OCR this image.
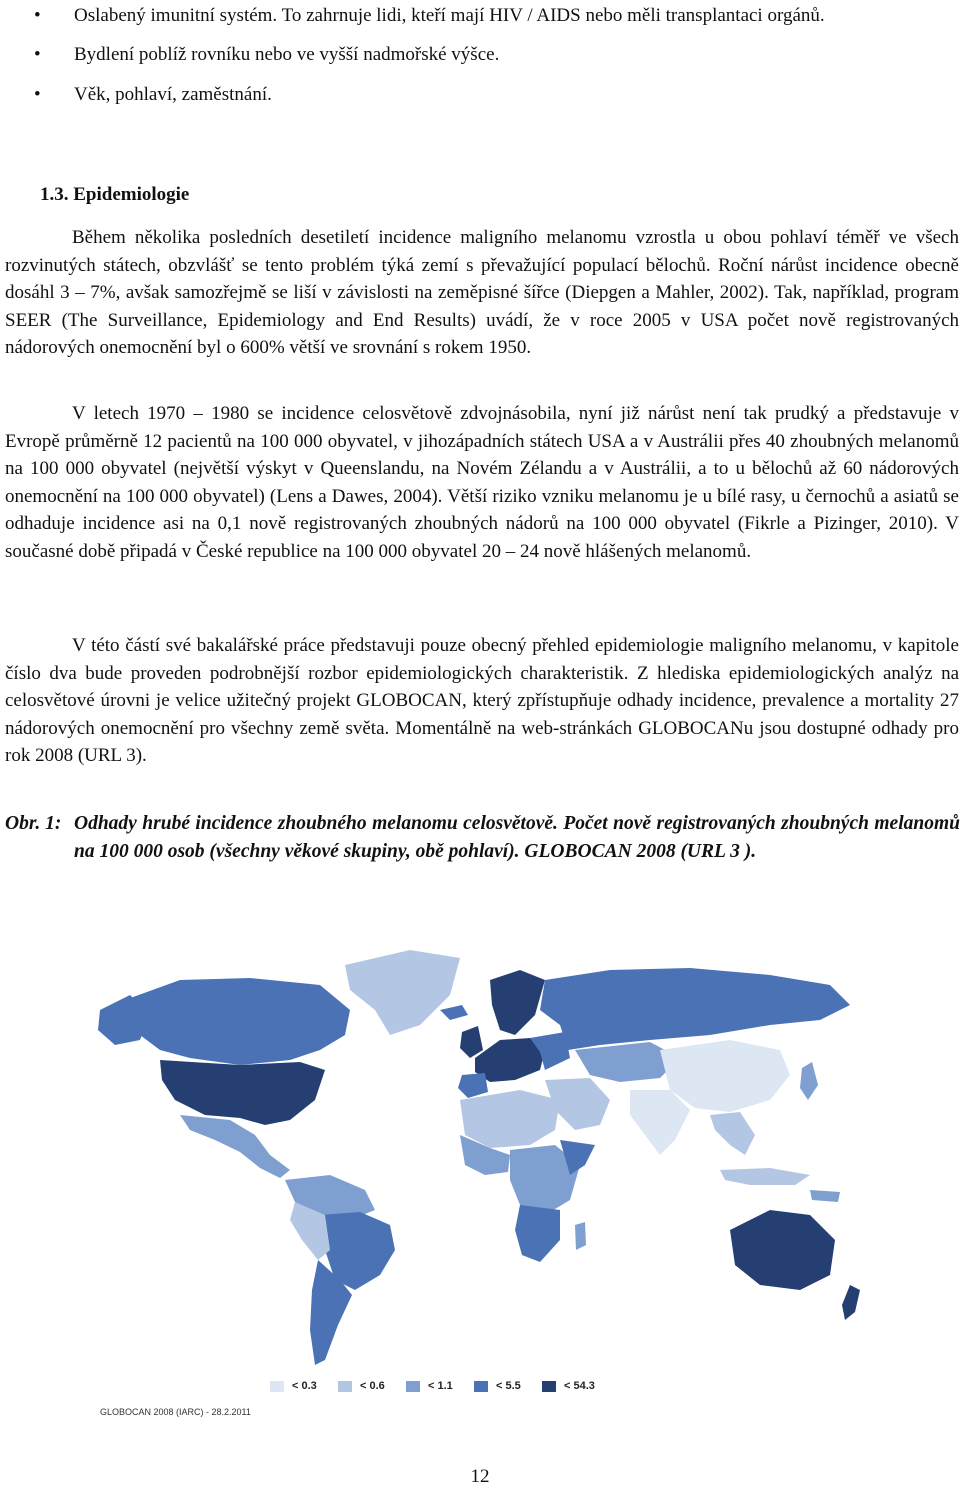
• Oslabený imunitní systém. To zahrnuje lidi, kteří mají HIV / AIDS nebo měli transplantaci orgánů.
• Bydlení poblíž rovníku nebo ve vyšší nadmořské výšce.
• Věk, pohlaví, zaměstnání.
1.3. Epidemiologie

Během několika posledních desetiletí incidence maligního melanomu vzrostla u obou pohlaví téměř ve všech rozvinutých státech, obzvlášť se tento problém týká zemí s převažující populací bělochů. Roční nárůst incidence obecně dosáhl 3 – 7%, avšak samozřejmě se liší v závislosti na zeměpisné šířce (Diepgen a Mahler, 2002). Tak, například, program SEER (The Surveillance, Epidemiology and End Results) uvádí, že v roce 2005 v USA počet nově registrovaných nádorových onemocnění byl o 600% větší ve srovnání s rokem 1950.

V letech 1970 – 1980 se incidence celosvětově zdvojnásobila, nyní již nárůst není tak prudký a představuje v Evropě průměrně 12 pacientů na 100 000 obyvatel, v jihozápadních státech USA a v Austrálii přes 40 zhoubných melanomů na 100 000 obyvatel (největší výskyt v Queenslandu, na Novém Zélandu a v Austrálii, a to u bělochů až 60 nádorových onemocnění na 100 000 obyvatel) (Lens a Dawes, 2004). Větší riziko vzniku melanomu je u bílé rasy, u černochů a asiatů se odhaduje incidence asi na 0,1 nově registrovaných zhoubných nádorů na 100 000 obyvatel (Fikrle a Pizinger, 2010). V současné době připadá v České republice na 100 000 obyvatel 20 – 24 nově hlášených melanomů.

V této částí své bakalářské práce představuji pouze obecný přehled epidemiologie maligního melanomu, v kapitole číslo dva bude proveden podrobnější rozbor epidemiologických charakteristik. Z hlediska epidemiologických analýz na celosvětové úrovni je velice užitečný projekt GLOBOCAN, který zpřístupňuje odhady incidence, prevalence a mortality 27 nádorových onemocnění pro všechny země světa. Momentálně na web-stránkách GLOBOCANu jsou dostupné odhady pro rok 2008 (URL 3).

Obr. 1: Odhady hrubé incidence zhoubného melanomu celosvětově. Počet nově registrovaných zhoubných melanomů na 100 000 osob (všechny věkové skupiny, obě pohlaví). GLOBOCAN 2008 (URL 3 ).
< 0.3	< 0.6	< 1.1	< 5.5	< 54.3
GLOBOCAN 2008 (IARC) - 28.2.2011
12
